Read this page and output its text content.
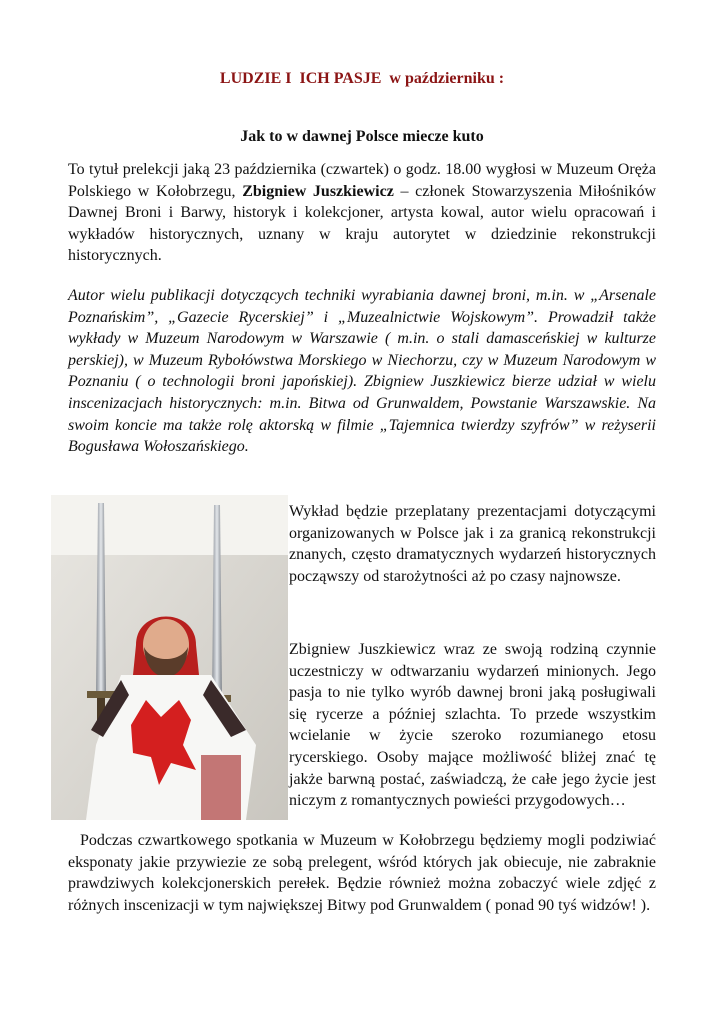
LUDZIE I  ICH PASJE  w październiku :
Jak to w dawnej Polsce miecze kuto
To tytuł prelekcji jaką 23 października (czwartek) o godz. 18.00 wygłosi w Muzeum Oręża Polskiego w Kołobrzegu, Zbigniew Juszkiewicz – członek Stowarzyszenia Miłośników Dawnej Broni i Barwy, historyk i kolekcjoner, artysta kowal, autor wielu opracowań i wykładów historycznych, uznany w kraju autorytet w dziedzinie rekonstrukcji historycznych.
Autor wielu publikacji dotyczących techniki wyrabiania dawnej broni, m.in. w „Arsenale Poznańskim”, „Gazecie Rycerskiej” i „Muzealnictwie Wojskowym”. Prowadził także wykłady w Muzeum Narodowym w Warszawie ( m.in. o stali damasceńskiej w kulturze perskiej), w Muzeum Rybołówstwa Morskiego w Niechorzu, czy w Muzeum Narodowym w Poznaniu ( o technologii broni japońskiej). Zbigniew Juszkiewicz bierze udział w wielu inscenizacjach historycznych: m.in. Bitwa od Grunwaldem, Powstanie Warszawskie. Na swoim koncie ma także rolę aktorską w filmie „Tajemnica twierdzy szyfrów” w reżyserii Bogusława Wołoszańskiego.
Wykład będzie przeplatany prezentacjami dotyczącymi organizowanych w Polsce jak i za granicą rekonstrukcji znanych, często dramatycznych wydarzeń historycznych począwszy od starożytności aż po czasy najnowsze.
Zbigniew Juszkiewicz wraz ze swoją rodziną czynnie uczestniczy w odtwarzaniu wydarzeń minionych. Jego pasja to nie tylko wyrób dawnej broni jaką posługiwali się rycerze a później szlachta. To przede wszystkim wcielanie w życie szeroko rozumianego etosu rycerskiego. Osoby mające możliwość bliżej znać tę jakże barwną postać, zaświadczą, że całe jego życie jest niczym z romantycznych powieści przygodowych…
Podczas czwartkowego spotkania w Muzeum w Kołobrzegu będziemy mogli podziwiać eksponaty jakie przywiezie ze sobą prelegent, wśród których jak obiecuje, nie zabraknie prawdziwych kolekcjonerskich perełek. Będzie również można zobaczyć wiele zdjęć z różnych inscenizacji w tym największej Bitwy pod Grunwaldem ( ponad 90 tyś widzów! ).
